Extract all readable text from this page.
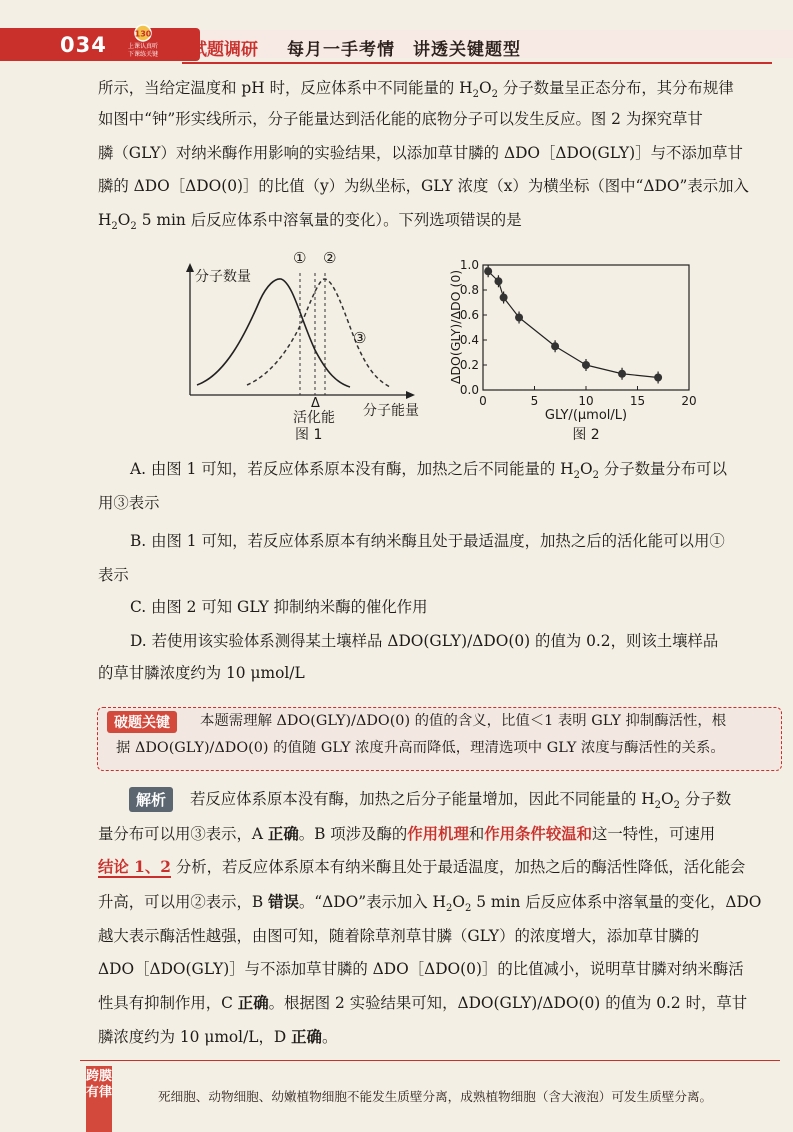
034	130
上课认真听
下课练关键 试题调研 每月一手考情　讲透关键题型
所示，当给定温度和 pH 时，反应体系中不同能量的 $H_2O_2$ 分子数量呈正态分布，其分布规律
如图中“钟”形实线所示，分子能量达到活化能的底物分子可以发生反应。图 2 为探究草甘
膦（GLY）对纳米酶作用影响的实验结果，以添加草甘膦的 ΔDO［ΔDO(GLY)］与不添加草甘
膦的 ΔDO［ΔDO(0)］的比值（y）为纵坐标，GLY 浓度（x）为横坐标（图中“ΔDO”表示加入
$H_2O_2$ 5 min 后反应体系中溶氧量的变化）。下列选项错误的是
分子数量
① ②
③
Δ
活化能 分子能量
图 1
ΔDO(GLY)/ΔDO (0)
GLY/(μmol/L)
图 2
0	5	10	15	20
0.0
0.2
0.4
0.6
0.8
1.0
A. 由图 1 可知，若反应体系原本没有酶，加热之后不同能量的 $H_2O_2$ 分子数量分布可以
用③表示
B. 由图 1 可知，若反应体系原本有纳米酶且处于最适温度，加热之后的活化能可以用①
表示
C. 由图 2 可知 GLY 抑制纳米酶的催化作用
D. 若使用该实验体系测得某土壤样品 ΔDO(GLY)/ΔDO(0) 的值为 0.2，则该土壤样品
的草甘膦浓度约为 10 μmol/L
破题关键	本题需理解 ΔDO(GLY)/ΔDO(0) 的值的含义，比值＜1 表明 GLY 抑制酶活性，根
据 ΔDO(GLY)/ΔDO(0) 的值随 GLY 浓度升高而降低，理清选项中 GLY 浓度与酶活性的关系。
解析	若反应体系原本没有酶，加热之后分子能量增加，因此不同能量的 $H_2O_2$ 分子数
量分布可以用③表示，A 正确。B 项涉及酶的作用机理和作用条件较温和这一特性，可速用
结论 1、2 分析，若反应体系原本有纳米酶且处于最适温度，加热之后的酶活性降低，活化能会
升高，可以用②表示，B 错误。“ΔDO”表示加入 $H_2O_2$ 5 min 后反应体系中溶氧量的变化，ΔDO
越大表示酶活性越强，由图可知，随着除草剂草甘膦（GLY）的浓度增大，添加草甘膦的
ΔDO［ΔDO(GLY)］与不添加草甘膦的 ΔDO［ΔDO(0)］的比值减小，说明草甘膦对纳米酶活
性具有抑制作用，C 正确。根据图 2 实验结果可知，ΔDO(GLY)/ΔDO(0) 的值为 0.2 时，草甘
膦浓度约为 10 μmol/L，D 正确。
跨膜有律	死细胞、动物细胞、幼嫩植物细胞不能发生质壁分离，成熟植物细胞（含大液泡）可发生质壁分离。
